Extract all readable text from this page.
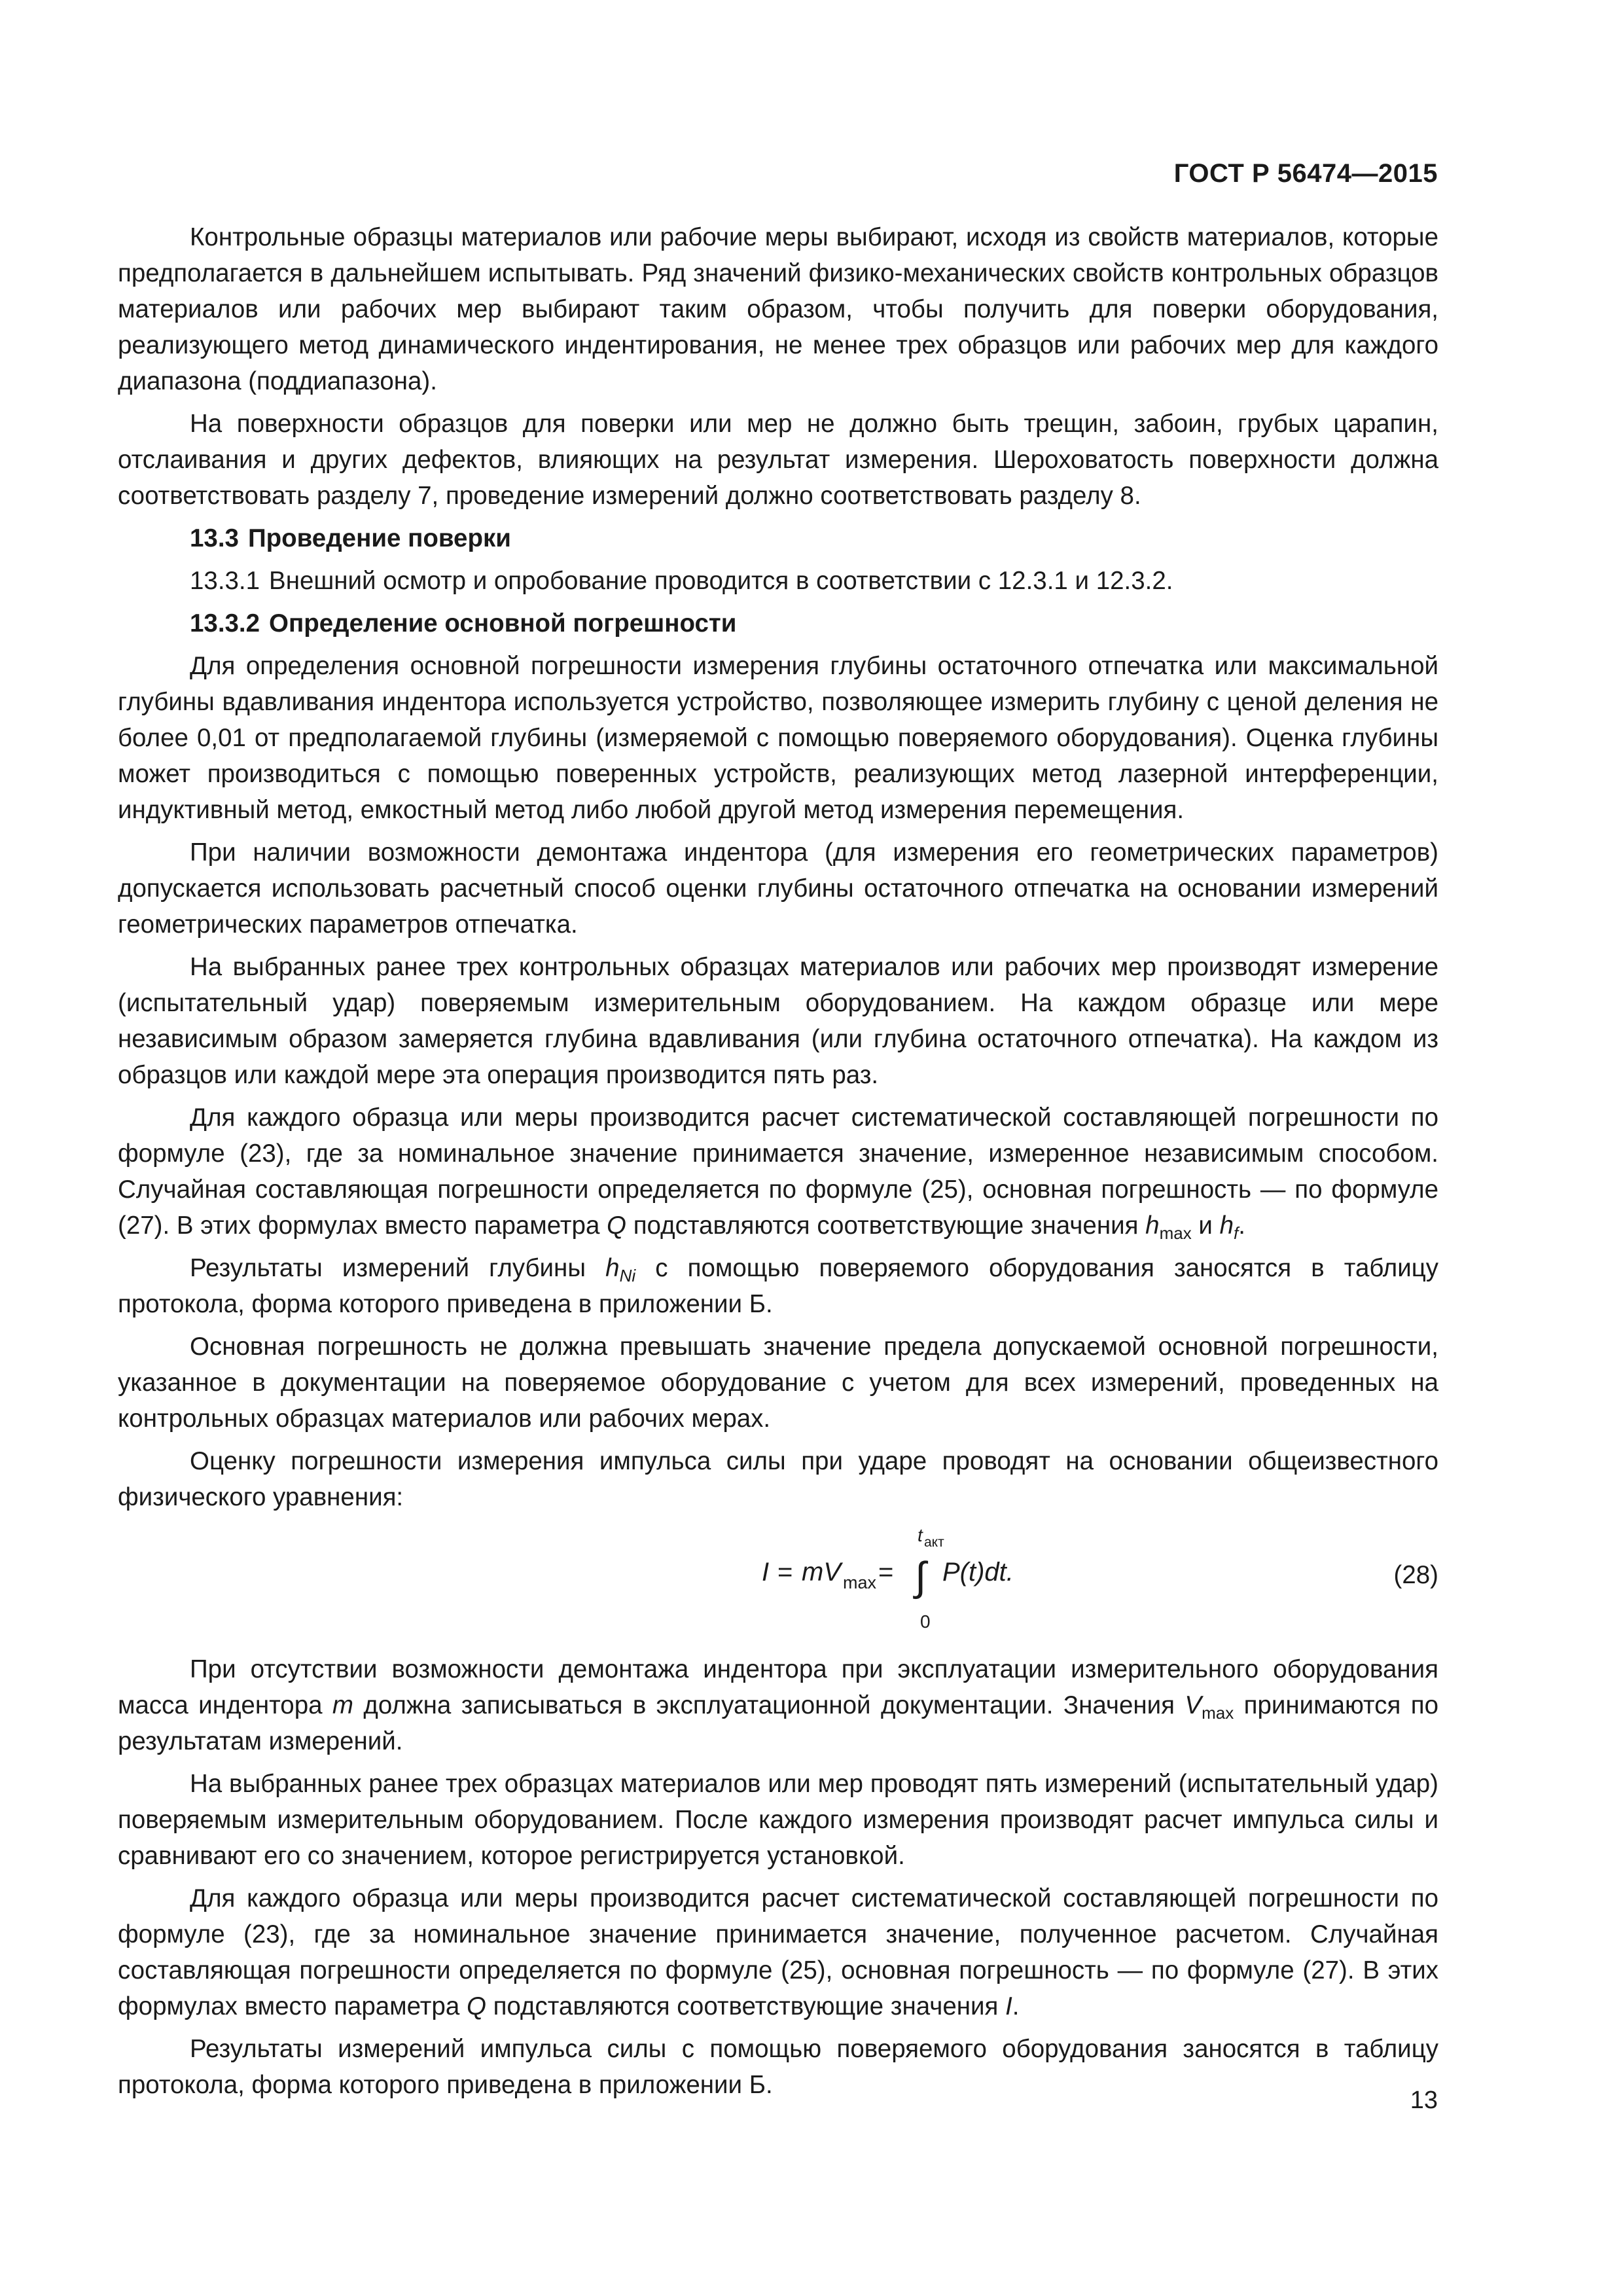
ГОСТ Р 56474—2015

Контрольные образцы материалов или рабочие меры выбирают, исходя из свойств материалов, которые предполагается в дальнейшем испытывать. Ряд значений физико-механических свойств контрольных образцов материалов или рабочих мер выбирают таким образом, чтобы получить для поверки оборудования, реализующего метод динамического индентирования, не менее трех образцов или рабочих мер для каждого диапазона (поддиапазона).

На поверхности образцов для поверки или мер не должно быть трещин, забоин, грубых царапин, отслаивания и других дефектов, влияющих на результат измерения. Шероховатость поверхности должна соответствовать разделу 7, проведение измерений должно соответствовать разделу 8.

13.3 Проведение поверки

13.3.1 Внешний осмотр и опробование проводится в соответствии с 12.3.1 и 12.3.2.

13.3.2 Определение основной погрешности

Для определения основной погрешности измерения глубины остаточного отпечатка или максимальной глубины вдавливания индентора используется устройство, позволяющее измерить глубину с ценой деления не более 0,01 от предполагаемой глубины (измеряемой с помощью поверяемого оборудования). Оценка глубины может производиться с помощью поверенных устройств, реализующих метод лазерной интерференции, индуктивный метод, емкостный метод либо любой другой метод измерения перемещения.

При наличии возможности демонтажа индентора (для измерения его геометрических параметров) допускается использовать расчетный способ оценки глубины остаточного отпечатка на основании измерений геометрических параметров отпечатка.

На выбранных ранее трех контрольных образцах материалов или рабочих мер производят измерение (испытательный удар) поверяемым измерительным оборудованием. На каждом образце или мере независимым образом замеряется глубина вдавливания (или глубина остаточного отпечатка). На каждом из образцов или каждой мере эта операция производится пять раз.

Для каждого образца или меры производится расчет систематической составляющей погрешности по формуле (23), где за номинальное значение принимается значение, измеренное независимым способом. Случайная составляющая погрешности определяется по формуле (25), основная погрешность — по формуле (27). В этих формулах вместо параметра Q подставляются соответствующие значения $h_{max}$ и $h_f$.

Результаты измерений глубины $h_{Ni}$ с помощью поверяемого оборудования заносятся в таблицу протокола, форма которого приведена в приложении Б.

Основная погрешность не должна превышать значение предела допускаемой основной погрешности, указанное в документации на поверяемое оборудование с учетом для всех измерений, проведенных на контрольных образцах материалов или рабочих мерах.

Оценку погрешности измерения импульса силы при ударе проводят на основании общеизвестного физического уравнения:

I = mV max =
t акт
∫
0
P(t)dt.	(28)

При отсутствии возможности демонтажа индентора при эксплуатации измерительного оборудования масса индентора m должна записываться в эксплуатационной документации. Значения $V_{max}$ принимаются по результатам измерений.

На выбранных ранее трех образцах материалов или мер проводят пять измерений (испытательный удар) поверяемым измерительным оборудованием. После каждого измерения производят расчет импульса силы и сравнивают его со значением, которое регистрируется установкой.

Для каждого образца или меры производится расчет систематической составляющей погрешности по формуле (23), где за номинальное значение принимается значение, полученное расчетом. Случайная составляющая погрешности определяется по формуле (25), основная погрешность — по формуле (27). В этих формулах вместо параметра Q подставляются соответствующие значения I.

Результаты измерений импульса силы с помощью поверяемого оборудования заносятся в таблицу протокола, форма которого приведена в приложении Б.

13
